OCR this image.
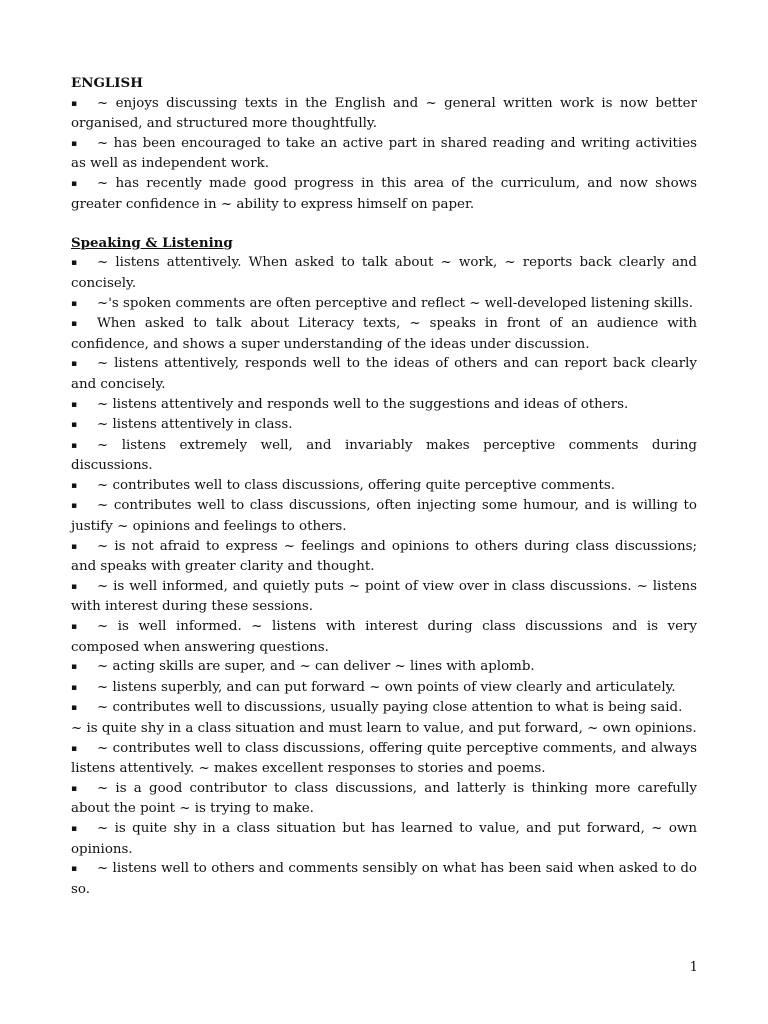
ENGLISH

▪ ~ enjoys discussing texts in the English and ~ general written work is now better organised, and structured more thoughtfully.

▪ ~ has been encouraged to take an active part in shared reading and writing activities as well as independent work.

▪ ~ has recently made good progress in this area of the curriculum, and now shows greater confidence in ~ ability to express himself on paper.

Speaking & Listening

▪ ~ listens attentively. When asked to talk about ~ work, ~ reports back clearly and concisely.

▪ ~'s spoken comments are often perceptive and reflect ~ well-developed listening skills.

▪ When asked to talk about Literacy texts, ~ speaks in front of an audience with confidence, and shows a super understanding of the ideas under discussion.

▪ ~ listens attentively, responds well to the ideas of others and can report back clearly and concisely.

▪ ~ listens attentively and responds well to the suggestions and ideas of others.

▪ ~ listens attentively in class.

▪ ~ listens extremely well, and invariably makes perceptive comments during discussions.

▪ ~ contributes well to class discussions, offering quite perceptive comments.

▪ ~ contributes well to class discussions, often injecting some humour, and is willing to justify ~ opinions and feelings to others.

▪ ~ is not afraid to express ~ feelings and opinions to others during class discussions; and speaks with greater clarity and thought.

▪ ~ is well informed, and quietly puts ~ point of view over in class discussions. ~ listens with interest during these sessions.

▪ ~ is well informed. ~ listens with interest during class discussions and is very composed when answering questions.

▪ ~ acting skills are super, and ~ can deliver ~ lines with aplomb.

▪ ~ listens superbly, and can put forward ~ own points of view clearly and articulately.

▪ ~ contributes well to discussions, usually paying close attention to what is being said.

~ is quite shy in a class situation and must learn to value, and put forward, ~ own opinions.

▪ ~ contributes well to class discussions, offering quite perceptive comments, and always listens attentively. ~ makes excellent responses to stories and poems.

▪ ~ is a good contributor to class discussions, and latterly is thinking more carefully about the point ~ is trying to make.

▪ ~ is quite shy in a class situation but has learned to value, and put forward, ~ own opinions.

▪ ~ listens well to others and comments sensibly on what has been said when asked to do so.

1
